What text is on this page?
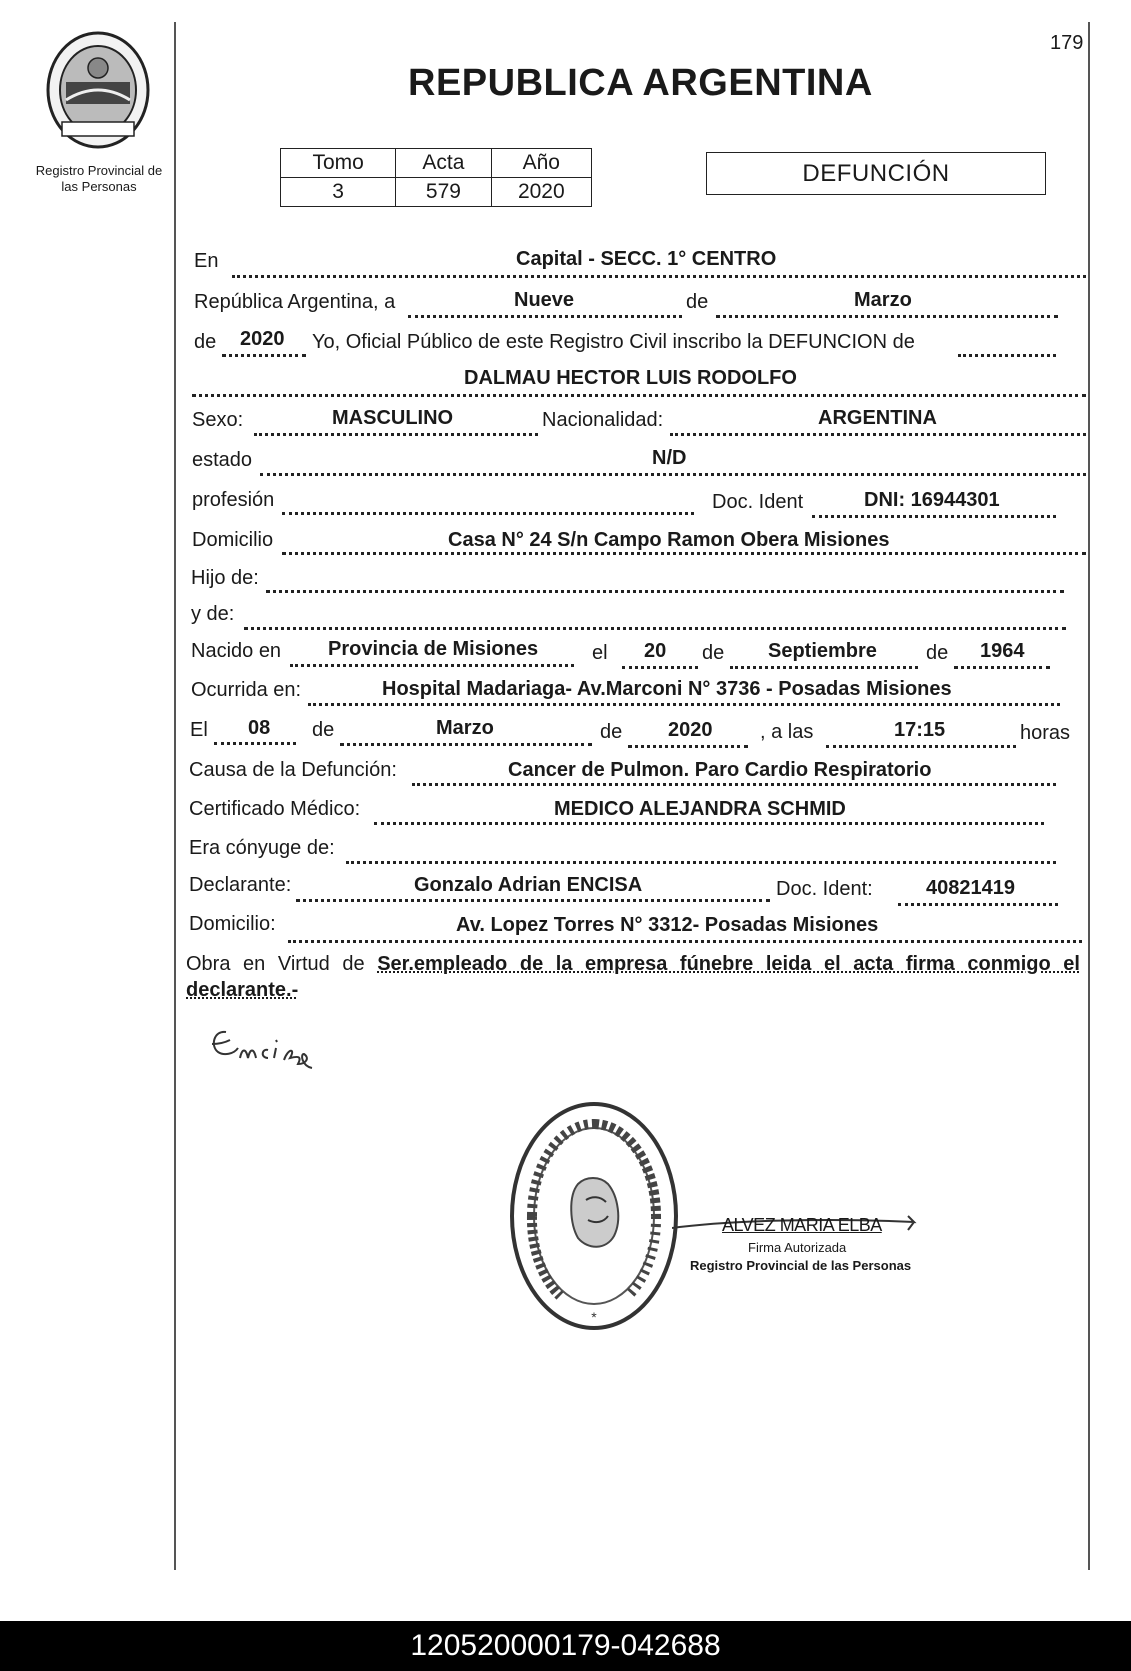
179
Registro Provincial de
las Personas
REPUBLICA ARGENTINA
Tomo	Acta	Año
3	579	2020
DEFUNCIÓN
En	Capital - SECC. 1° CENTRO
República Argentina, a	Nueve	de	Marzo
de 2020 Yo, Oficial Público de este Registro Civil inscribo la DEFUNCION de
DALMAU HECTOR LUIS RODOLFO
Sexo:	MASCULINO	Nacionalidad:	ARGENTINA
estado	N/D
profesión	Doc. Ident	DNI: 16944301
Domicilio	Casa N° 24 S/n Campo Ramon Obera Misiones
Hijo de:
y de:
Nacido en Provincia de Misiones	el 20 de Septiembre de 1964
Ocurrida en:	Hospital Madariaga- Av.Marconi N° 3736 - Posadas Misiones
El 08 de	Marzo	de 2020 , a las	17:15	horas
Causa de la Defunción:	Cancer de Pulmon. Paro Cardio Respiratorio
Certificado Médico:	MEDICO ALEJANDRA SCHMID
Era cónyuge de:
Declarante:	Gonzalo Adrian ENCISA	Doc. Ident:	40821419
Domicilio:	Av. Lopez Torres N° 3312- Posadas Misiones
Obra en Virtud de Ser.empleado de la empresa fúnebre leida el acta firma conmigo el declarante.-
*
ALVEZ MARIA ELBA
Firma Autorizada
Registro Provincial de las Personas
120520000179-042688
